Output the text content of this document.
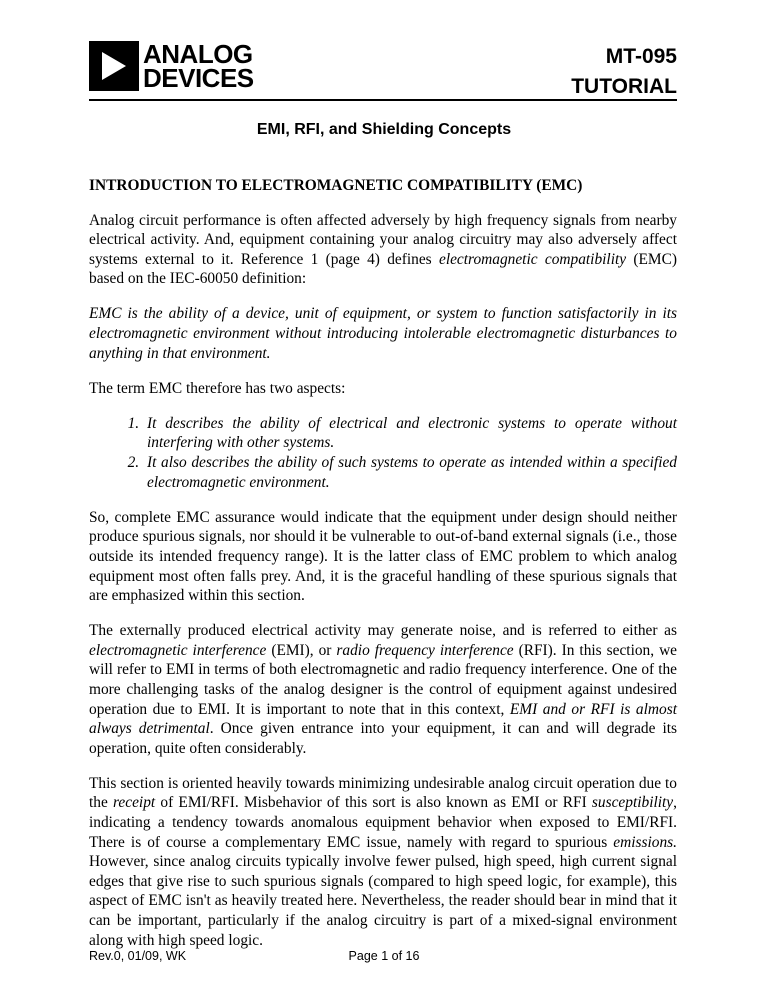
ANALOG
DEVICES
MT-095
TUTORIAL
EMI, RFI, and Shielding Concepts

INTRODUCTION TO ELECTROMAGNETIC COMPATIBILITY (EMC)

Analog circuit performance is often affected adversely by high frequency signals from nearby electrical activity. And, equipment containing your analog circuitry may also adversely affect systems external to it. Reference 1 (page 4) defines electromagnetic compatibility (EMC) based on the IEC-60050 definition:

EMC is the ability of a device, unit of equipment, or system to function satisfactorily in its electromagnetic environment without introducing intolerable electromagnetic disturbances to anything in that environment.

The term EMC therefore has two aspects:

1. It describes the ability of electrical and electronic systems to operate without interfering with other systems.
2. It also describes the ability of such systems to operate as intended within a specified electromagnetic environment.

So, complete EMC assurance would indicate that the equipment under design should neither produce spurious signals, nor should it be vulnerable to out-of-band external signals (i.e., those outside its intended frequency range). It is the latter class of EMC problem to which analog equipment most often falls prey. And, it is the graceful handling of these spurious signals that are emphasized within this section.

The externally produced electrical activity may generate noise, and is referred to either as electromagnetic interference (EMI), or radio frequency interference (RFI). In this section, we will refer to EMI in terms of both electromagnetic and radio frequency interference. One of the more challenging tasks of the analog designer is the control of equipment against undesired operation due to EMI. It is important to note that in this context, EMI and or RFI is almost always detrimental. Once given entrance into your equipment, it can and will degrade its operation, quite often considerably.

This section is oriented heavily towards minimizing undesirable analog circuit operation due to the receipt of EMI/RFI. Misbehavior of this sort is also known as EMI or RFI susceptibility, indicating a tendency towards anomalous equipment behavior when exposed to EMI/RFI. There is of course a complementary EMC issue, namely with regard to spurious emissions. However, since analog circuits typically involve fewer pulsed, high speed, high current signal edges that give rise to such spurious signals (compared to high speed logic, for example), this aspect of EMC isn't as heavily treated here. Nevertheless, the reader should bear in mind that it can be important, particularly if the analog circuitry is part of a mixed-signal environment along with high speed logic.

Rev.0, 01/09, WK	Page 1 of 16
